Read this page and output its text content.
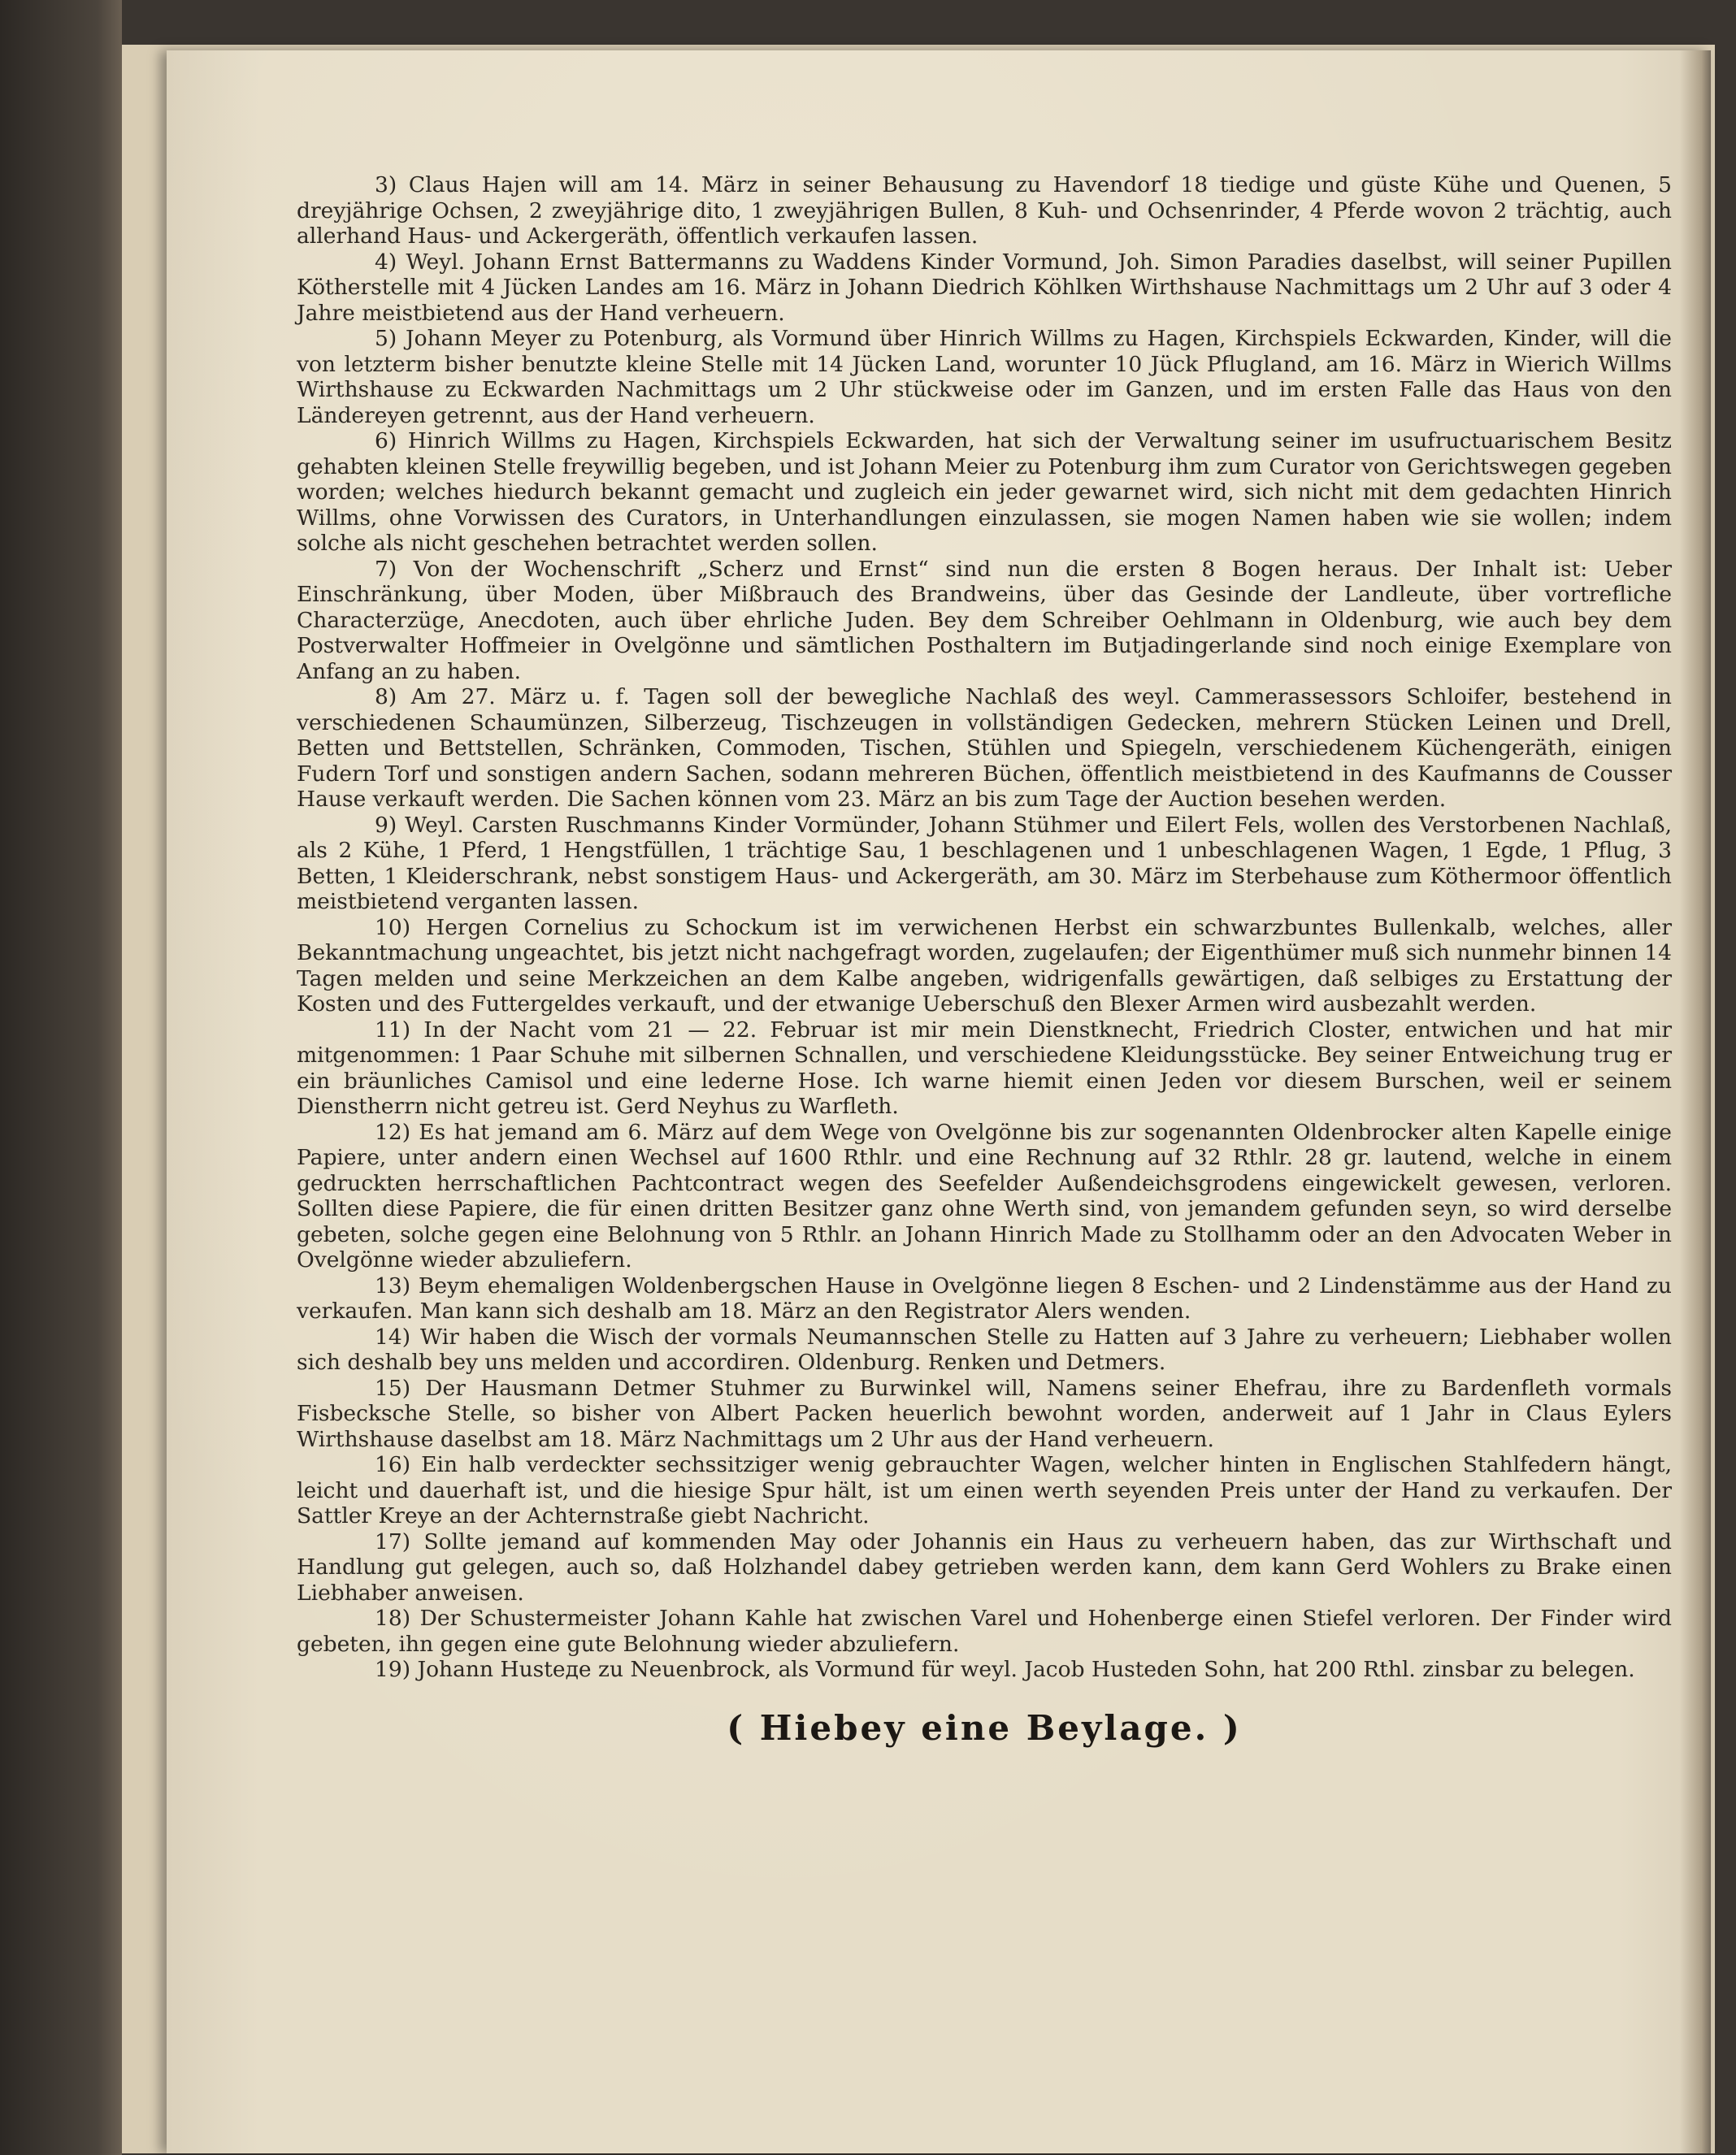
3) Claus Hajen will am 14. März in seiner Behausung zu Havendorf 18 tiedige und güste Kühe und Quenen, 5 dreyjährige Ochsen, 2 zweyjährige dito, 1 zweyjährigen Bullen, 8 Kuh- und Ochsenrinder, 4 Pferde wovon 2 trächtig, auch allerhand Haus- und Ackergeräth, öffentlich verkaufen lassen.

4) Weyl. Johann Ernst Battermanns zu Waddens Kinder Vormund, Joh. Simon Paradies daselbst, will seiner Pupillen Kötherstelle mit 4 Jücken Landes am 16. März in Johann Diedrich Köhlken Wirthshause Nachmittags um 2 Uhr auf 3 oder 4 Jahre meistbietend aus der Hand verheuern.

5) Johann Meyer zu Potenburg, als Vormund über Hinrich Willms zu Hagen, Kirchspiels Eckwarden, Kinder, will die von letzterm bisher benutzte kleine Stelle mit 14 Jücken Land, worunter 10 Jück Pflugland, am 16. März in Wierich Willms Wirthshause zu Eckwarden Nachmittags um 2 Uhr stückweise oder im Ganzen, und im ersten Falle das Haus von den Ländereyen getrennt, aus der Hand verheuern.

6) Hinrich Willms zu Hagen, Kirchspiels Eckwarden, hat sich der Verwaltung seiner im usufructuarischem Besitz gehabten kleinen Stelle freywillig begeben, und ist Johann Meier zu Potenburg ihm zum Curator von Gerichtswegen gegeben worden; welches hiedurch bekannt gemacht und zugleich ein jeder gewarnet wird, sich nicht mit dem gedachten Hinrich Willms, ohne Vorwissen des Curators, in Unterhandlungen einzulassen, sie mogen Namen haben wie sie wollen; indem solche als nicht geschehen betrachtet werden sollen.

7) Von der Wochenschrift „Scherz und Ernst“ sind nun die ersten 8 Bogen heraus. Der Inhalt ist: Ueber Einschränkung, über Moden, über Mißbrauch des Brandweins, über das Gesinde der Landleute, über vortrefliche Characterzüge, Anecdoten, auch über ehrliche Juden. Bey dem Schreiber Oehlmann in Oldenburg, wie auch bey dem Postverwalter Hoffmeier in Ovelgönne und sämtlichen Posthaltern im Butjadingerlande sind noch einige Exemplare von Anfang an zu haben.

8) Am 27. März u. f. Tagen soll der bewegliche Nachlaß des weyl. Cammerassessors Schloifer, bestehend in verschiedenen Schaumünzen, Silberzeug, Tischzeugen in vollständigen Gedecken, mehrern Stücken Leinen und Drell, Betten und Bettstellen, Schränken, Commoden, Tischen, Stühlen und Spiegeln, verschiedenem Küchengeräth, einigen Fudern Torf und sonstigen andern Sachen, sodann mehreren Büchen, öffentlich meistbietend in des Kaufmanns de Cousser Hause verkauft werden. Die Sachen können vom 23. März an bis zum Tage der Auction besehen werden.

9) Weyl. Carsten Ruschmanns Kinder Vormünder, Johann Stühmer und Eilert Fels, wollen des Verstorbenen Nachlaß, als 2 Kühe, 1 Pferd, 1 Hengstfüllen, 1 trächtige Sau, 1 beschlagenen und 1 unbeschlagenen Wagen, 1 Egde, 1 Pflug, 3 Betten, 1 Kleiderschrank, nebst sonstigem Haus- und Ackergeräth, am 30. März im Sterbehause zum Köthermoor öffentlich meistbietend verganten lassen.

10) Hergen Cornelius zu Schockum ist im verwichenen Herbst ein schwarzbuntes Bullenkalb, welches, aller Bekanntmachung ungeachtet, bis jetzt nicht nachgefragt worden, zugelaufen; der Eigenthümer muß sich nunmehr binnen 14 Tagen melden und seine Merkzeichen an dem Kalbe angeben, widrigenfalls gewärtigen, daß selbiges zu Erstattung der Kosten und des Futtergeldes verkauft, und der etwanige Ueberschuß den Blexer Armen wird ausbezahlt werden.

11) In der Nacht vom 21 — 22. Februar ist mir mein Dienstknecht, Friedrich Closter, entwichen und hat mir mitgenommen: 1 Paar Schuhe mit silbernen Schnallen, und verschiedene Kleidungsstücke. Bey seiner Entweichung trug er ein bräunliches Camisol und eine lederne Hose. Ich warne hiemit einen Jeden vor diesem Burschen, weil er seinem Dienstherrn nicht getreu ist. Gerd Neyhus zu Warfleth.

12) Es hat jemand am 6. März auf dem Wege von Ovelgönne bis zur sogenannten Oldenbrocker alten Kapelle einige Papiere, unter andern einen Wechsel auf 1600 Rthlr. und eine Rechnung auf 32 Rthlr. 28 gr. lautend, welche in einem gedruckten herrschaftlichen Pachtcontract wegen des Seefelder Außendeichsgrodens eingewickelt gewesen, verloren. Sollten diese Papiere, die für einen dritten Besitzer ganz ohne Werth sind, von jemandem gefunden seyn, so wird derselbe gebeten, solche gegen eine Belohnung von 5 Rthlr. an Johann Hinrich Made zu Stollhamm oder an den Advocaten Weber in Ovelgönne wieder abzuliefern.

13) Beym ehemaligen Woldenbergschen Hause in Ovelgönne liegen 8 Eschen- und 2 Lindenstämme aus der Hand zu verkaufen. Man kann sich deshalb am 18. März an den Registrator Alers wenden.

14) Wir haben die Wisch der vormals Neumannschen Stelle zu Hatten auf 3 Jahre zu verheuern; Liebhaber wollen sich deshalb bey uns melden und accordiren. Oldenburg. Renken und Detmers.

15) Der Hausmann Detmer Stuhmer zu Burwinkel will, Namens seiner Ehefrau, ihre zu Bardenfleth vormals Fisbecksche Stelle, so bisher von Albert Packen heuerlich bewohnt worden, anderweit auf 1 Jahr in Claus Eylers Wirthshause daselbst am 18. März Nachmittags um 2 Uhr aus der Hand verheuern.

16) Ein halb verdeckter sechssitziger wenig gebrauchter Wagen, welcher hinten in Englischen Stahlfedern hängt, leicht und dauerhaft ist, und die hiesige Spur hält, ist um einen werth seyenden Preis unter der Hand zu verkaufen. Der Sattler Kreye an der Achternstraße giebt Nachricht.

17) Sollte jemand auf kommenden May oder Johannis ein Haus zu verheuern haben, das zur Wirthschaft und Handlung gut gelegen, auch so, daß Holzhandel dabey getrieben werden kann, dem kann Gerd Wohlers zu Brake einen Liebhaber anweisen.

18) Der Schustermeister Johann Kahle hat zwischen Varel und Hohenberge einen Stiefel verloren. Der Finder wird gebeten, ihn gegen eine gute Belohnung wieder abzuliefern.

19) Johann Husteде zu Neuenbrock, als Vormund für weyl. Jacob Husteden Sohn, hat 200 Rthl. zinsbar zu belegen.

( Hiebey eine Beylage. )
